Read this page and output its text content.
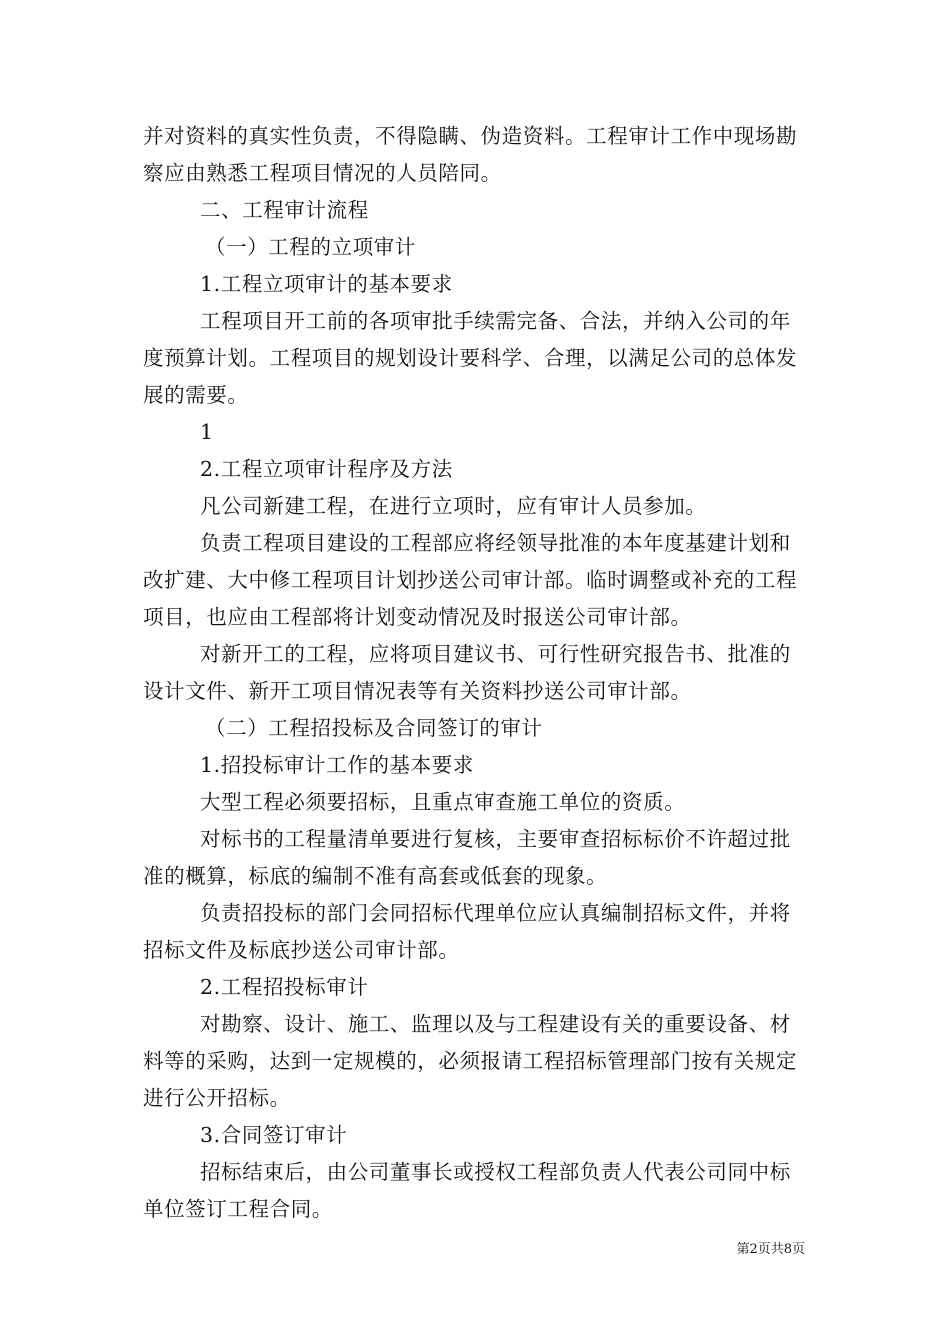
并对资料的真实性负责，不得隐瞒、伪造资料。工程审计工作中现场勘察应由熟悉工程项目情况的人员陪同。

二、工程审计流程

（一）工程的立项审计

1.工程立项审计的基本要求

工程项目开工前的各项审批手续需完备、合法，并纳入公司的年度预算计划。工程项目的规划设计要科学、合理，以满足公司的总体发展的需要。

1

2.工程立项审计程序及方法

凡公司新建工程，在进行立项时，应有审计人员参加。

负责工程项目建设的工程部应将经领导批准的本年度基建计划和改扩建、大中修工程项目计划抄送公司审计部。临时调整或补充的工程项目，也应由工程部将计划变动情况及时报送公司审计部。

对新开工的工程，应将项目建议书、可行性研究报告书、批准的设计文件、新开工项目情况表等有关资料抄送公司审计部。

（二）工程招投标及合同签订的审计

1.招投标审计工作的基本要求

大型工程必须要招标，且重点审查施工单位的资质。

对标书的工程量清单要进行复核，主要审查招标标价不许超过批准的概算，标底的编制不准有高套或低套的现象。

负责招投标的部门会同招标代理单位应认真编制招标文件，并将招标文件及标底抄送公司审计部。

2.工程招投标审计

对勘察、设计、施工、监理以及与工程建设有关的重要设备、材料等的采购，达到一定规模的，必须报请工程招标管理部门按有关规定进行公开招标。

3.合同签订审计

招标结束后，由公司董事长或授权工程部负责人代表公司同中标单位签订工程合同。

第2页共8页
